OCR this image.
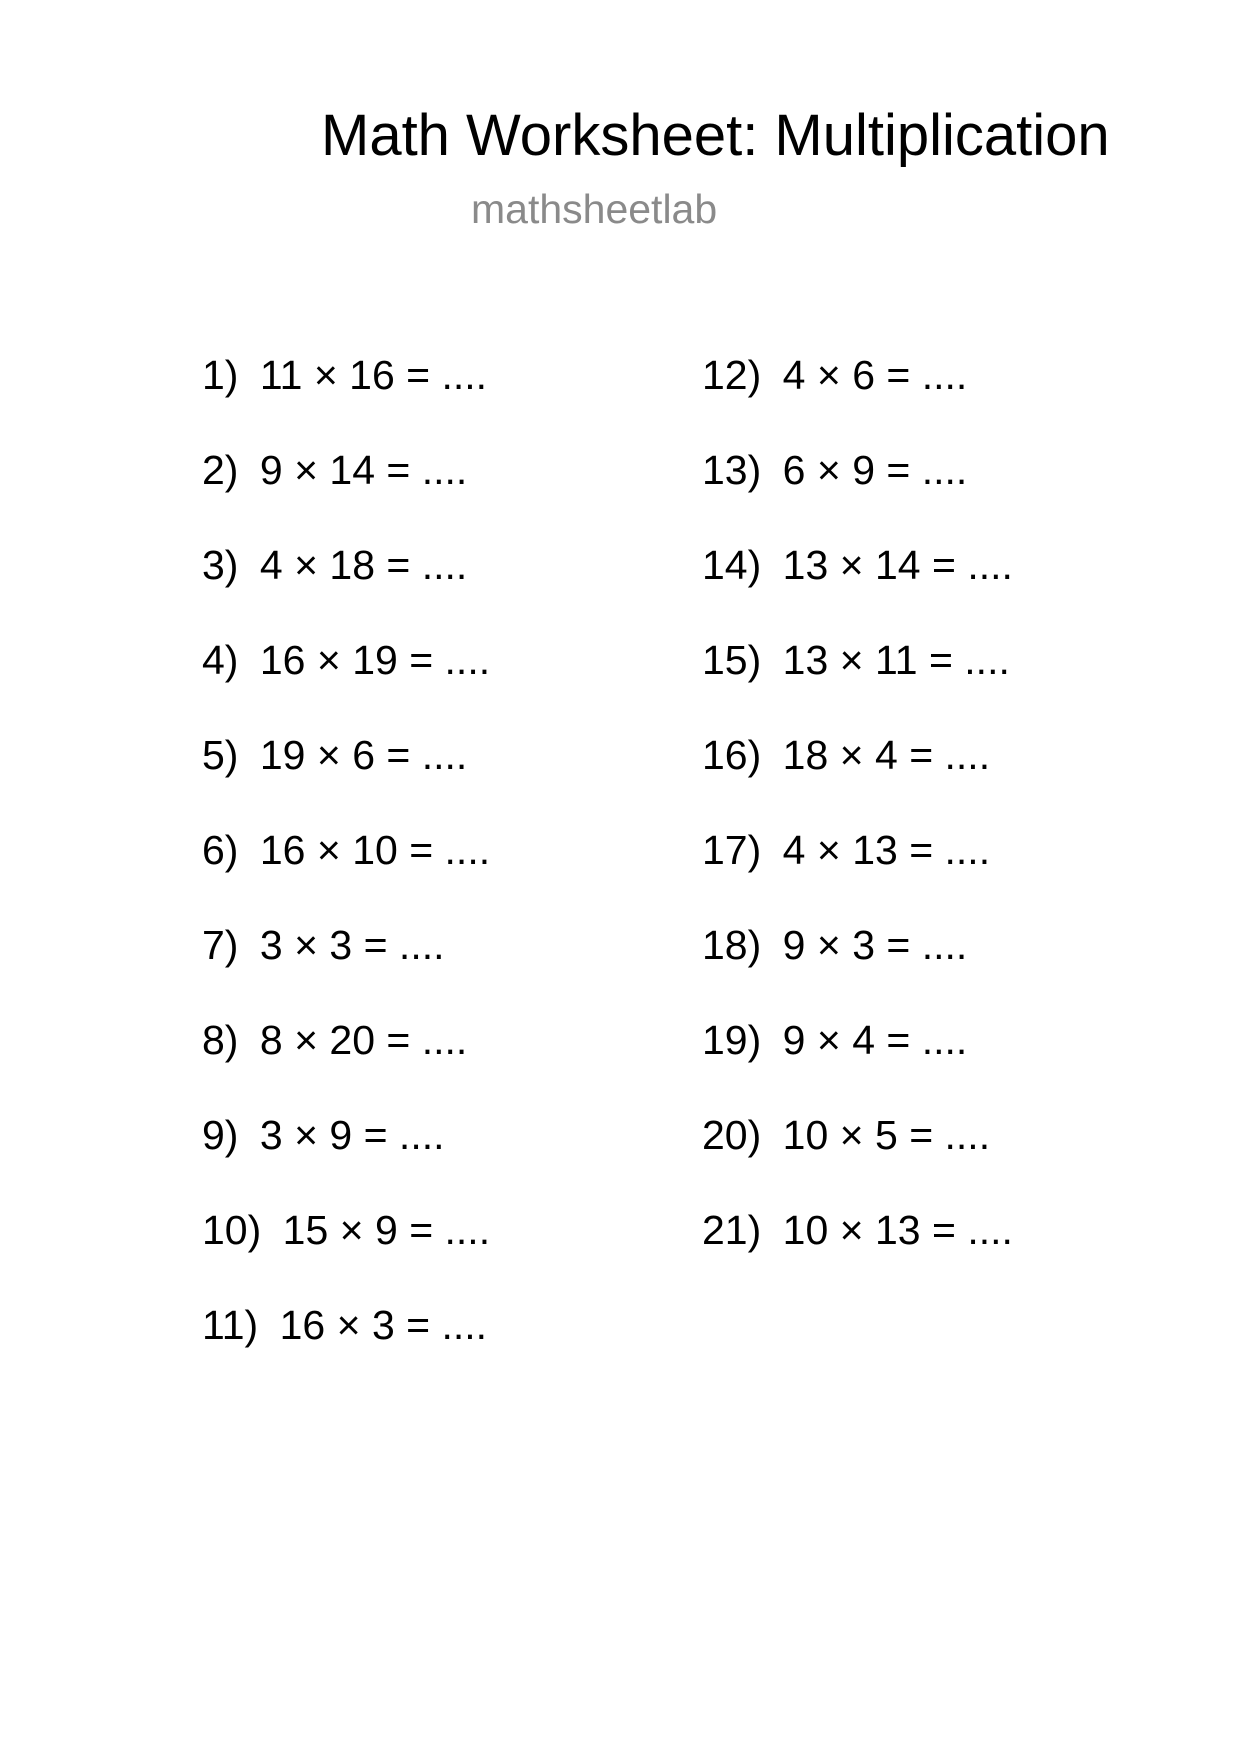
Math Worksheet: Multiplication
mathsheetlab
1) 11 × 16 = ....
2) 9 × 14 = ....
3) 4 × 18 = ....
4) 16 × 19 = ....
5) 19 × 6 = ....
6) 16 × 10 = ....
7) 3 × 3 = ....
8) 8 × 20 = ....
9) 3 × 9 = ....
10) 15 × 9 = ....
11) 16 × 3 = ....
12) 4 × 6 = ....
13) 6 × 9 = ....
14) 13 × 14 = ....
15) 13 × 11 = ....
16) 18 × 4 = ....
17) 4 × 13 = ....
18) 9 × 3 = ....
19) 9 × 4 = ....
20) 10 × 5 = ....
21) 10 × 13 = ....
